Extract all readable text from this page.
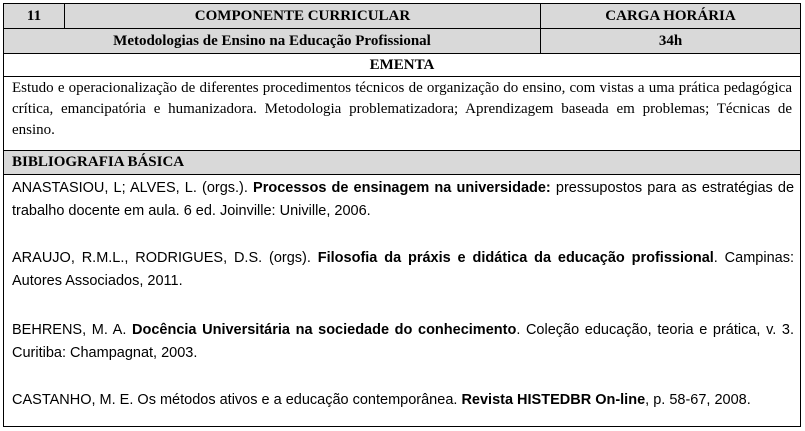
11	COMPONENTE CURRICULAR	CARGA HORÁRIA
Metodologias de Ensino na Educação Profissional	34h
EMENTA
Estudo e operacionalização de diferentes procedimentos técnicos de organização do ensino, com vistas a uma prática pedagógica crítica, emancipatória e humanizadora. Metodologia problematizadora; Aprendizagem baseada em problemas; Técnicas de ensino.
BIBLIOGRAFIA BÁSICA

ANASTASIOU, L; ALVES, L. (orgs.). Processos de ensinagem na universidade: pressupostos para as estratégias de trabalho docente em aula. 6 ed. Joinville: Univille, 2006.

ARAUJO, R.M.L., RODRIGUES, D.S. (orgs). Filosofia da práxis e didática da educação profissional. Campinas: Autores Associados, 2011.

BEHRENS, M. A. Docência Universitária na sociedade do conhecimento. Coleção educação, teoria e prática, v. 3. Curitiba: Champagnat, 2003.

CASTANHO, M. E. Os métodos ativos e a educação contemporânea. Revista HISTEDBR On-line, p. 58-67, 2008.
